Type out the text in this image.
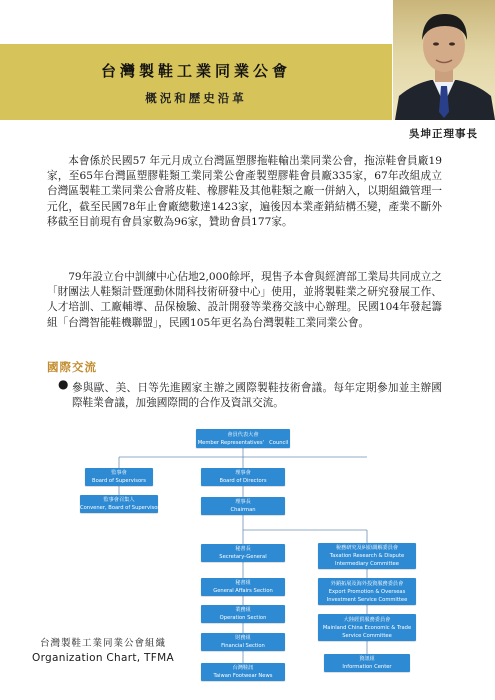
台灣製鞋工業同業公會
概況和歷史沿革
吳坤正理事長
本會係於民國57 年元月成立台灣區塑膠拖鞋輸出業同業公會，拖涼鞋會員廠19家，至65年台灣區塑膠鞋類工業同業公會產製塑膠鞋會員廠335家，67年改組成立台灣區製鞋工業同業公會將皮鞋、橡膠鞋及其他鞋類之廠一併納入，以期組織管理一元化，截至民國78年止會廠總數達1423家，遍後因本業產銷結構丕變，產業不斷外移截至目前現有會員家數為96家，贊助會員177家。
79年設立台中訓練中心佔地2,000餘坪，現售予本會與經濟部工業局共同成立之「財團法人鞋類計暨運動休閒科技術研發中心」使用，並將製鞋業之研究發展工作、人才培訓、工廠輔導、品保檢驗、設計開發等業務交該中心辦理。民國104年發起籌組「台灣智能鞋機聯盟」，民國105年更名為台灣製鞋工業同業公會。
國際交流
● 參與歐、美、日等先進國家主辦之國際製鞋技術會議。每年定期參加並主辦國際鞋業會議，加強國際間的合作及資訊交流。
會員代表大會
Member Representatives'　Council
監事會
Board of Supervisors
監事會召集人
Convener, Board of Supervisors
理事會
Board of Directors
理事長
Chairman
秘書長
Secretary-General
秘書組
General Affairs Section
業務組
Operation Section
財務組
Financial Section
台灣鞋訊
Taiwan Footwear News
稅務研究及糾紛調解委員會
Taxation Research & Dispute
Intermediary Committee
外銷拓展及海外投資服務委員會
Export Promotion & Overseas
Investment Service Committee
大陸經貿服務委員會
Mainland China Economic & Trade
Service Committee
資訊組
Information Center
台灣製鞋工業同業公會組織
Organization Chart, TFMA
